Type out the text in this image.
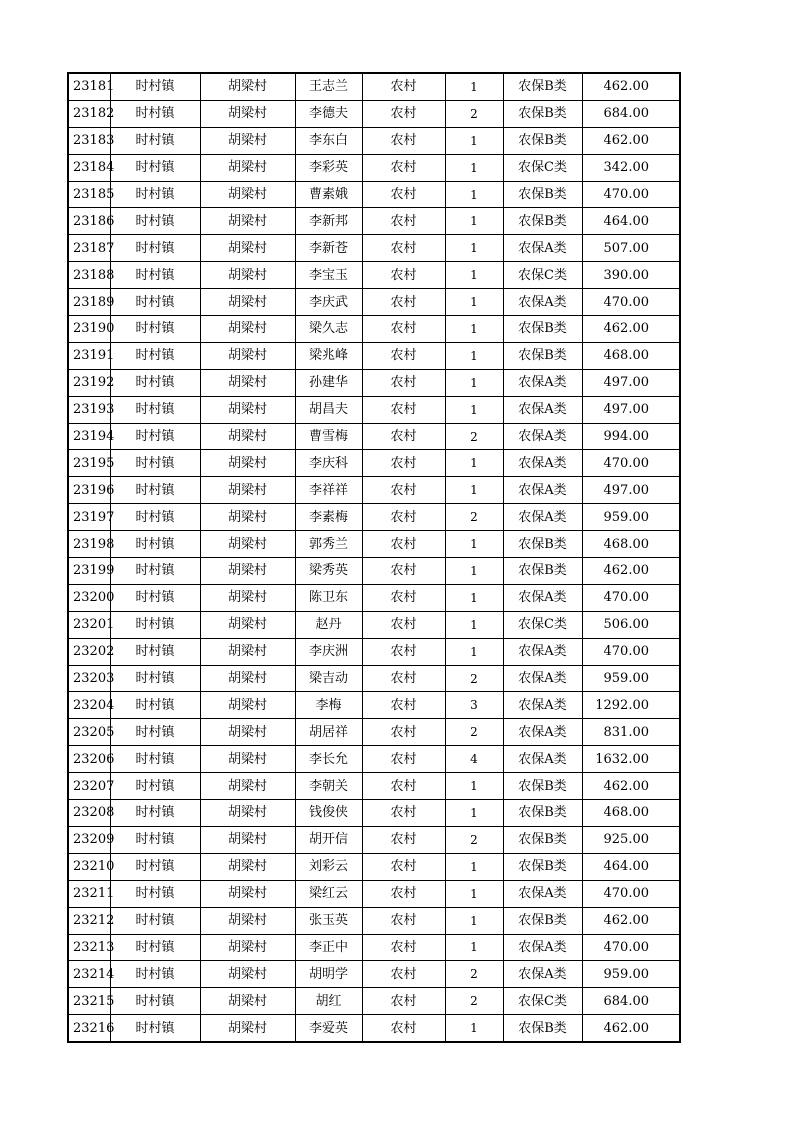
23181	时村镇	胡梁村	王志兰	农村	1	农保B类	462.00
23182	时村镇	胡梁村	李德夫	农村	2	农保B类	684.00
23183	时村镇	胡梁村	李东白	农村	1	农保B类	462.00
23184	时村镇	胡梁村	李彩英	农村	1	农保C类	342.00
23185	时村镇	胡梁村	曹素娥	农村	1	农保B类	470.00
23186	时村镇	胡梁村	李新邦	农村	1	农保B类	464.00
23187	时村镇	胡梁村	李新苍	农村	1	农保A类	507.00
23188	时村镇	胡梁村	李宝玉	农村	1	农保C类	390.00
23189	时村镇	胡梁村	李庆武	农村	1	农保A类	470.00
23190	时村镇	胡梁村	梁久志	农村	1	农保B类	462.00
23191	时村镇	胡梁村	梁兆峰	农村	1	农保B类	468.00
23192	时村镇	胡梁村	孙建华	农村	1	农保A类	497.00
23193	时村镇	胡梁村	胡昌夫	农村	1	农保A类	497.00
23194	时村镇	胡梁村	曹雪梅	农村	2	农保A类	994.00
23195	时村镇	胡梁村	李庆科	农村	1	农保A类	470.00
23196	时村镇	胡梁村	李祥祥	农村	1	农保A类	497.00
23197	时村镇	胡梁村	李素梅	农村	2	农保A类	959.00
23198	时村镇	胡梁村	郭秀兰	农村	1	农保B类	468.00
23199	时村镇	胡梁村	梁秀英	农村	1	农保B类	462.00
23200	时村镇	胡梁村	陈卫东	农村	1	农保A类	470.00
23201	时村镇	胡梁村	赵丹	农村	1	农保C类	506.00
23202	时村镇	胡梁村	李庆洲	农村	1	农保A类	470.00
23203	时村镇	胡梁村	梁吉动	农村	2	农保A类	959.00
23204	时村镇	胡梁村	李梅	农村	3	农保A类	1292.00
23205	时村镇	胡梁村	胡居祥	农村	2	农保A类	831.00
23206	时村镇	胡梁村	李长允	农村	4	农保A类	1632.00
23207	时村镇	胡梁村	李朝关	农村	1	农保B类	462.00
23208	时村镇	胡梁村	钱俊侠	农村	1	农保B类	468.00
23209	时村镇	胡梁村	胡开信	农村	2	农保B类	925.00
23210	时村镇	胡梁村	刘彩云	农村	1	农保B类	464.00
23211	时村镇	胡梁村	梁红云	农村	1	农保A类	470.00
23212	时村镇	胡梁村	张玉英	农村	1	农保B类	462.00
23213	时村镇	胡梁村	李正中	农村	1	农保A类	470.00
23214	时村镇	胡梁村	胡明学	农村	2	农保A类	959.00
23215	时村镇	胡梁村	胡红	农村	2	农保C类	684.00
23216	时村镇	胡梁村	李爱英	农村	1	农保B类	462.00
